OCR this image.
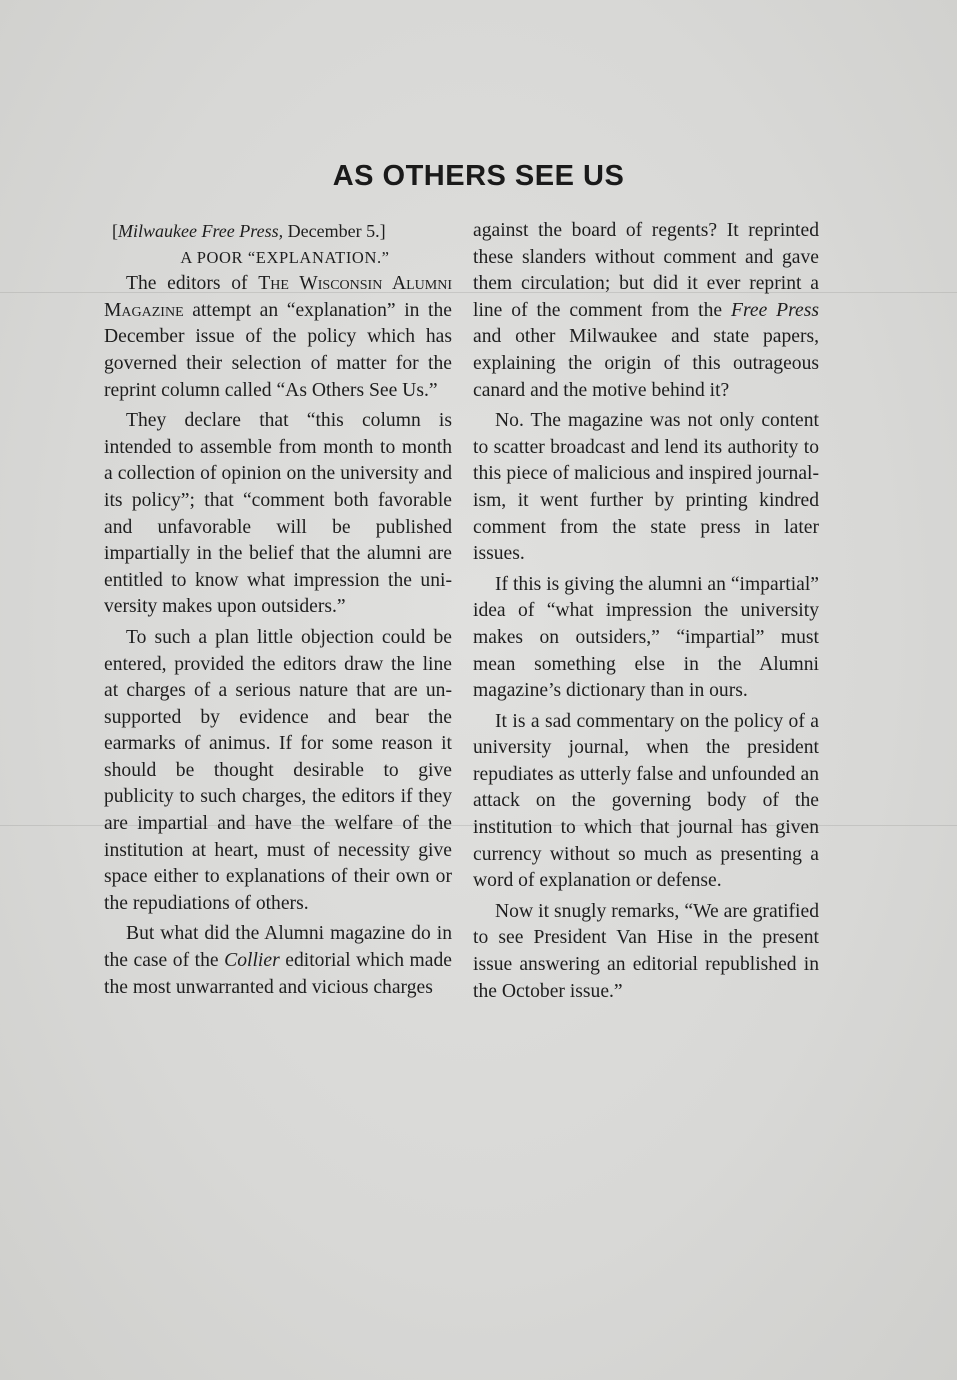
AS OTHERS SEE US

[Milwaukee Free Press, December 5.]

A POOR “EXPLANATION.”

The editors of The Wisconsin Alumni Magazine attempt an “explanation” in the December issue of the policy which has governed their selection of matter for the reprint column called “As Others See Us.”

They declare that “this column is intended to assemble from month to month a collection of opinion on the university and its policy”; that “comment both favorable and unfavorable will be published impartially in the belief that the alumni are entitled to know what impression the university makes upon outsiders.”

To such a plan little objection could be entered, provided the editors draw the line at charges of a serious nature that are unsupported by evidence and bear the earmarks of animus. If for some reason it should be thought desirable to give publicity to such charges, the editors if they are impartial and have the welfare of the institution at heart, must of necessity give space either to explanations of their own or the repudiations of others.

But what did the Alumni magazine do in the case of the Collier editorial which made the most unwarranted and vicious charges

against the board of regents? It reprinted these slanders without comment and gave them circulation; but did it ever reprint a line of the comment from the Free Press and other Milwaukee and state papers, explaining the origin of this outrageous canard and the motive behind it?

No. The magazine was not only content to scatter broadcast and lend its authority to this piece of malicious and inspired journalism, it went further by printing kindred comment from the state press in later issues.

If this is giving the alumni an “impartial” idea of “what impression the university makes on outsiders,” “impartial” must mean something else in the Alumni magazine’s dictionary than in ours.

It is a sad commentary on the policy of a university journal, when the president repudiates as utterly false and unfounded an attack on the governing body of the institution to which that journal has given currency without so much as presenting a word of explanation or defense.

Now it snugly remarks, “We are gratified to see President Van Hise in the present issue answering an editorial republished in the October issue.”
